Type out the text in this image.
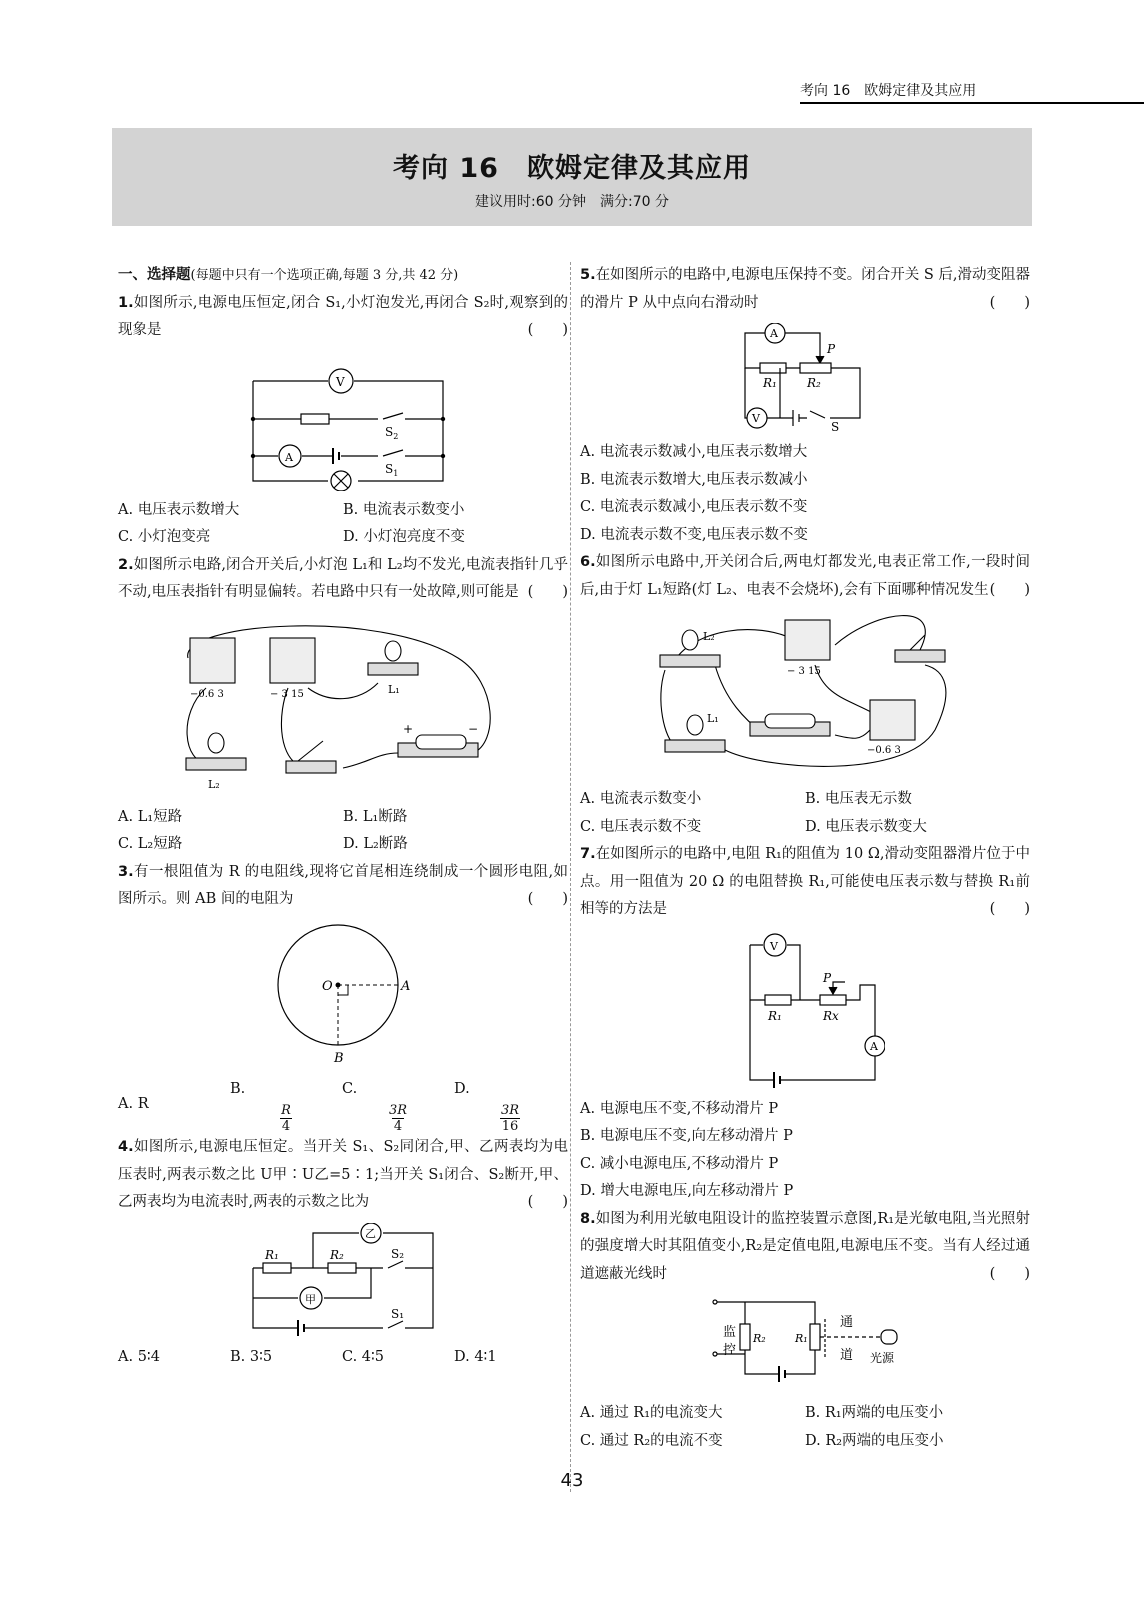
考向 16　欧姆定律及其应用
考向 16　欧姆定律及其应用
建议用时:60 分钟　满分:70 分

一、选择题(每题中只有一个选项正确,每题 3 分,共 42 分)

1.如图所示,电源电压恒定,闭合 S₁,小灯泡发光,再闭合 S₂时,观察到的现象是	(　　)

V
A
$S_2$
$S_1$
A. 电压表示数增大	B. 电流表示数变小
C. 小灯泡变亮	D. 小灯泡亮度不变

2.如图所示电路,闭合开关后,小灯泡 L₁和 L₂均不发光,电流表指针几乎不动,电压表指针有明显偏转。若电路中只有一处故障,则可能是 (　　)

−0.6 3	− 3 15	L₁
L₂
+	−
A. L₁短路	B. L₁断路
C. L₂短路	D. L₂断路

3.有一根阻值为 R 的电阻线,现将它首尾相连绕制成一个圆形电阻,如图所示。则 AB 间的电阻为	(　　)

O	A
B
A. R
B.
$\frac{R}{4}$
C.
$\frac{3R}{4}$
D.
$\frac{3R}{16}$

4.如图所示,电源电压恒定。当开关 S₁、S₂同闭合,甲、乙两表均为电压表时,两表示数之比 U甲∶U乙=5∶1;当开关 S₁闭合、S₂断开,甲、乙两表均为电流表时,两表的示数之比为	(　　)

R₁	R₂	S₂
S₁
甲
乙
A. 5∶4	B. 3∶5	C. 4∶5	D. 4∶1

5.在如图所示的电路中,电源电压保持不变。闭合开关 S 后,滑动变阻器的滑片 P 从中点向右滑动时	(　　)

A
V
P
R₁	R₂
S

A. 电流表示数减小,电压表示数增大

B. 电流表示数增大,电压表示数减小

C. 电流表示数减小,电压表示数不变

D. 电流表示数不变,电压表示数不变

6.如图所示电路中,开关闭合后,两电灯都发光,电表正常工作,一段时间后,由于灯 L₁短路(灯 L₂、电表不会烧坏),会有下面哪种情况发生 (　　)

L₂
L₁
− 3 15
−0.6 3
A. 电流表示数变小	B. 电压表无示数
C. 电压表示数不变	D. 电压表示数变大

7.在如图所示的电路中,电阻 R₁的阻值为 10 Ω,滑动变阻器滑片位于中点。用一阻值为 20 Ω 的电阻替换 R₁,可能使电压表示数与替换 R₁前相等的方法是	(　　)

V
A
P
R₁	Rx

A. 电源电压不变,不移动滑片 P

B. 电源电压不变,向左移动滑片 P

C. 减小电源电压,不移动滑片 P

D. 增大电源电压,向左移动滑片 P

8.如图为利用光敏电阻设计的监控装置示意图,R₁是光敏电阻,当光照射的强度增大时其阻值变小,R₂是定值电阻,电源电压不变。当有人经过通道遮蔽光线时	(　　)

监
控
R₂	R₁
通
道 光源
A. 通过 R₁的电流变大	B. R₁两端的电压变小
C. 通过 R₂的电流不变	D. R₂两端的电压变小
43
